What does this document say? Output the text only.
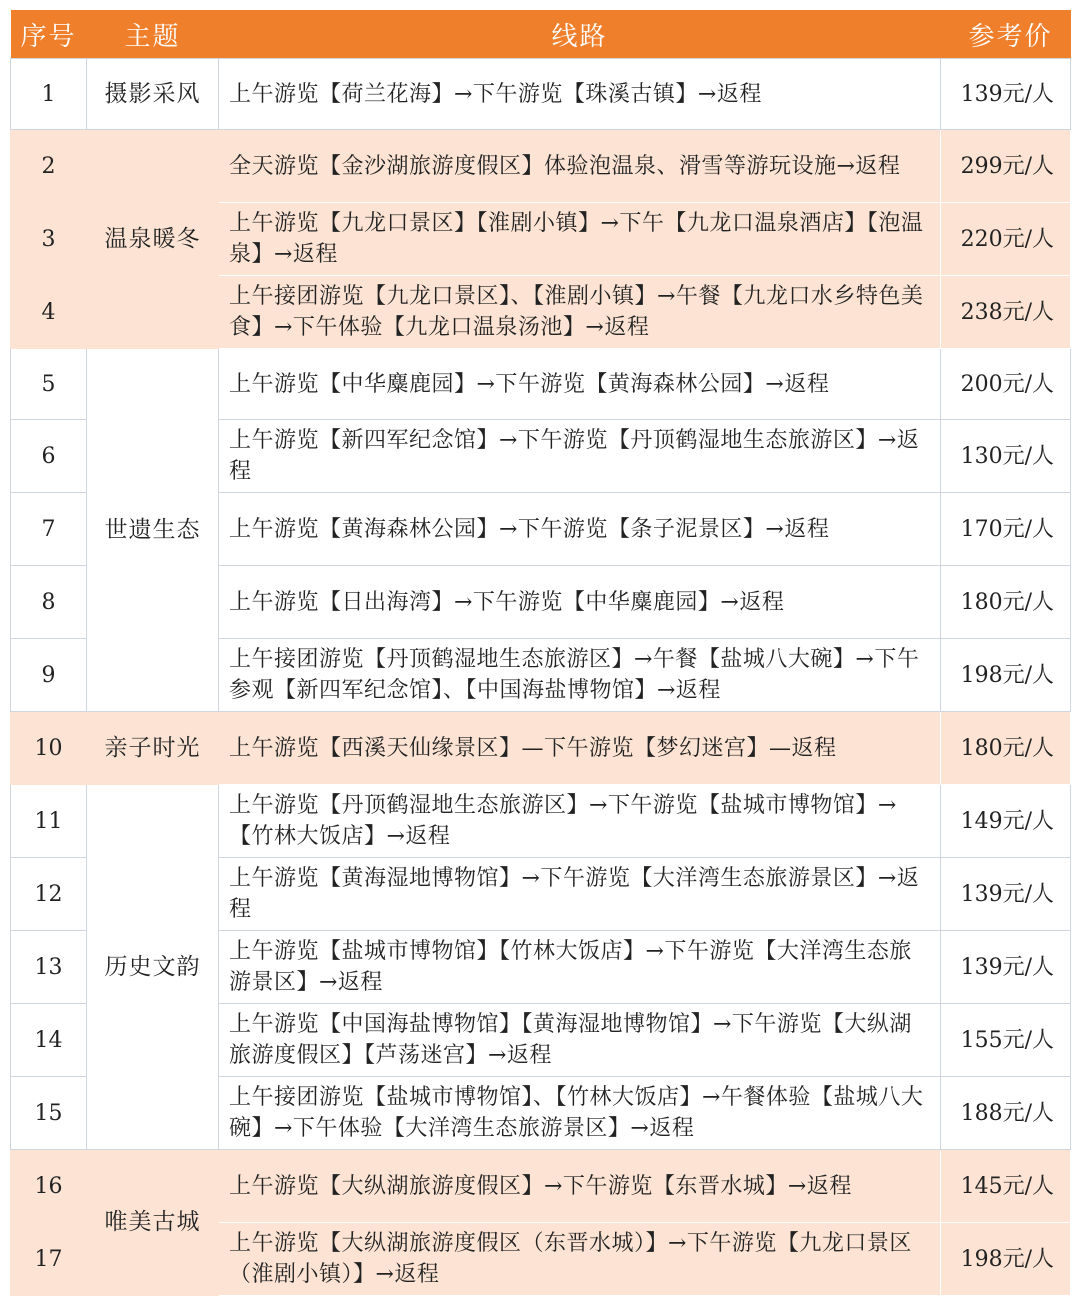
序号	主题	线路	参考价
1	摄影采风	上午游览【荷兰花海】→下午游览【珠溪古镇】→返程	139元/人
2	温泉暖冬	全天游览【金沙湖旅游度假区】体验泡温泉、滑雪等游玩设施→返程	299元/人
3		上午游览【九龙口景区】【淮剧小镇】→下午【九龙口温泉酒店】【泡温泉】→返程	220元/人
4		上午接团游览【九龙口景区】、【淮剧小镇】→午餐【九龙口水乡特色美食】→下午体验【九龙口温泉汤池】→返程	238元/人
5	世遗生态	上午游览【中华麋鹿园】→下午游览【黄海森林公园】→返程	200元/人
6		上午游览【新四军纪念馆】→下午游览【丹顶鹤湿地生态旅游区】→返程	130元/人
7		上午游览【黄海森林公园】→下午游览【条子泥景区】→返程	170元/人
8		上午游览【日出海湾】→下午游览【中华麋鹿园】→返程	180元/人
9		上午接团游览【丹顶鹤湿地生态旅游区】→午餐【盐城八大碗】→下午参观【新四军纪念馆】、【中国海盐博物馆】→返程	198元/人
10	亲子时光	上午游览【西溪天仙缘景区】—下午游览【梦幻迷宫】—返程	180元/人
11	历史文韵	上午游览【丹顶鹤湿地生态旅游区】→下午游览【盐城市博物馆】→【竹林大饭店】→返程	149元/人
12		上午游览【黄海湿地博物馆】→下午游览【大洋湾生态旅游景区】→返程	139元/人
13		上午游览【盐城市博物馆】【竹林大饭店】→下午游览【大洋湾生态旅游景区】→返程	139元/人
14		上午游览【中国海盐博物馆】【黄海湿地博物馆】→下午游览【大纵湖旅游度假区】【芦荡迷宫】→返程	155元/人
15		上午接团游览【盐城市博物馆】、【竹林大饭店】→午餐体验【盐城八大碗】→下午体验【大洋湾生态旅游景区】→返程	188元/人
16	唯美古城	上午游览【大纵湖旅游度假区】→下午游览【东晋水城】→返程	145元/人
17		上午游览【大纵湖旅游度假区（东晋水城）】→下午游览【九龙口景区（淮剧小镇）】→返程	198元/人
